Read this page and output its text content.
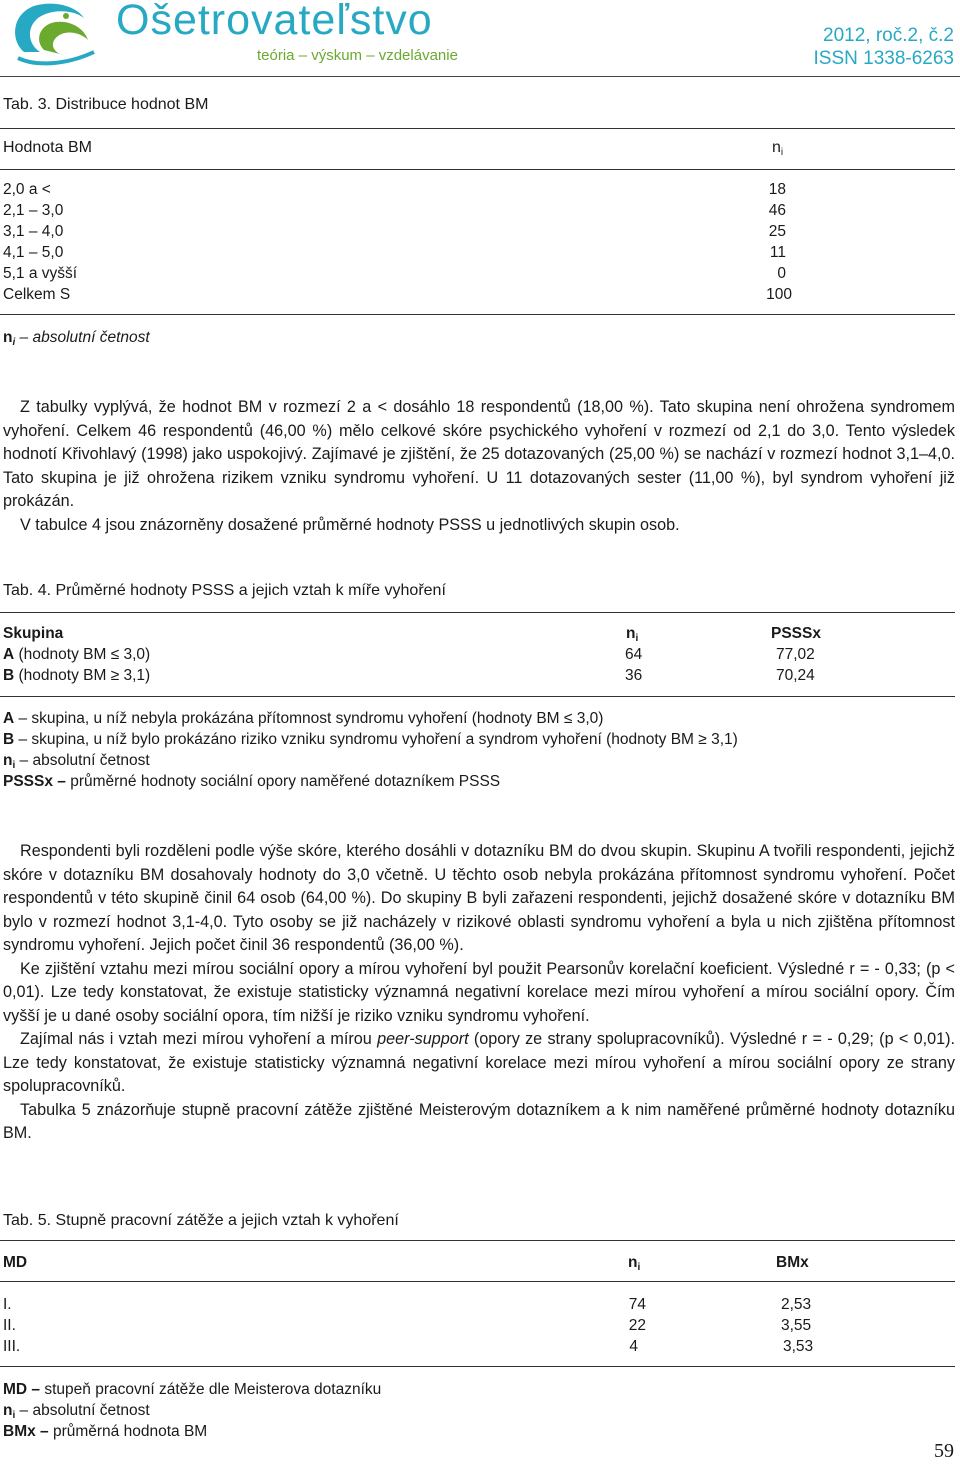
Ošetrovateľstvo
teória – výskum – vzdelávanie
2012, roč.2, č.2
ISSN 1338-6263
Tab. 3. Distribuce hodnot BM
Hodnota BM	$n_i$
2,0 a <	18
2,1 – 3,0	46
3,1 – 4,0	25
4,1 – 5,0	11
5,1 a vyšší	0
Celkem S	100
$n_i$ – absolutní četnost

Z tabulky vyplývá, že hodnot BM v rozmezí 2 a < dosáhlo 18 respondentů (18,00 %). Tato skupina není ohrožena syndromem vyhoření. Celkem 46 respondentů (46,00 %) mělo celkové skóre psychického vyhoření v rozmezí od 2,1 do 3,0. Tento výsledek hodnotí Křivohlavý (1998) jako uspokojivý. Zajímavé je zjištění, že 25 dotazovaných (25,00 %) se nachází v rozmezí hodnot 3,1–4,0. Tato skupina je již ohrožena rizikem vzniku syndromu vyhoření. U 11 dotazovaných sester (11,00 %), byl syndrom vyhoření již prokázán.

V tabulce 4 jsou znázorněny dosažené průměrné hodnoty PSSS u jednotlivých skupin osob.

Tab. 4. Průměrné hodnoty PSSS a jejich vztah k míře vyhoření
Skupina	$n_i$	PSSSx
A (hodnoty BM ≤ 3,0)	64	77,02
B (hodnoty BM ≥ 3,1)	36	70,24
A – skupina, u níž nebyla prokázána přítomnost syndromu vyhoření (hodnoty BM ≤ 3,0)
B – skupina, u níž bylo prokázáno riziko vzniku syndromu vyhoření a syndrom vyhoření (hodnoty BM ≥ 3,1)
$n_i$ – absolutní četnost
PSSSx – průměrné hodnoty sociální opory naměřené dotazníkem PSSS

Respondenti byli rozděleni podle výše skóre, kterého dosáhli v dotazníku BM do dvou skupin. Skupinu A tvořili respondenti, jejichž skóre v dotazníku BM dosahovaly hodnoty do 3,0 včetně. U těchto osob nebyla prokázána přítomnost syndromu vyhoření. Počet respondentů v této skupině činil 64 osob (64,00 %). Do skupiny B byli zařazeni respondenti, jejichž dosažené skóre v dotazníku BM bylo v rozmezí hodnot 3,1-4,0. Tyto osoby se již nacházely v rizikové oblasti syndromu vyhoření a byla u nich zjištěna přítomnost syndromu vyhoření. Jejich počet činil 36 respondentů (36,00 %).

Ke zjištění vztahu mezi mírou sociální opory a mírou vyhoření byl použit Pearsonův korelační koeficient. Výsledné r = - 0,33; (p < 0,01). Lze tedy konstatovat, že existuje statisticky významná negativní korelace mezi mírou vyhoření a mírou sociální opory. Čím vyšší je u dané osoby sociální opora, tím nižší je riziko vzniku syndromu vyhoření.

Zajímal nás i vztah mezi mírou vyhoření a mírou peer-support (opory ze strany spolupracovníků). Výsledné r = - 0,29; (p < 0,01). Lze tedy konstatovat, že existuje statisticky významná negativní korelace mezi mírou vyhoření a mírou sociální opory ze strany spolupracovníků.

Tabulka 5 znázorňuje stupně pracovní zátěže zjištěné Meisterovým dotazníkem a k nim naměřené průměrné hodnoty dotazníku BM.

Tab. 5. Stupně pracovní zátěže a jejich vztah k vyhoření
MD	$n_i$	BMx
I.	74	2,53
II.	22	3,55
III.	4	3,53
MD – stupeň pracovní zátěže dle Meisterova dotazníku
$n_i$ – absolutní četnost
BMx – průměrná hodnota BM
59
